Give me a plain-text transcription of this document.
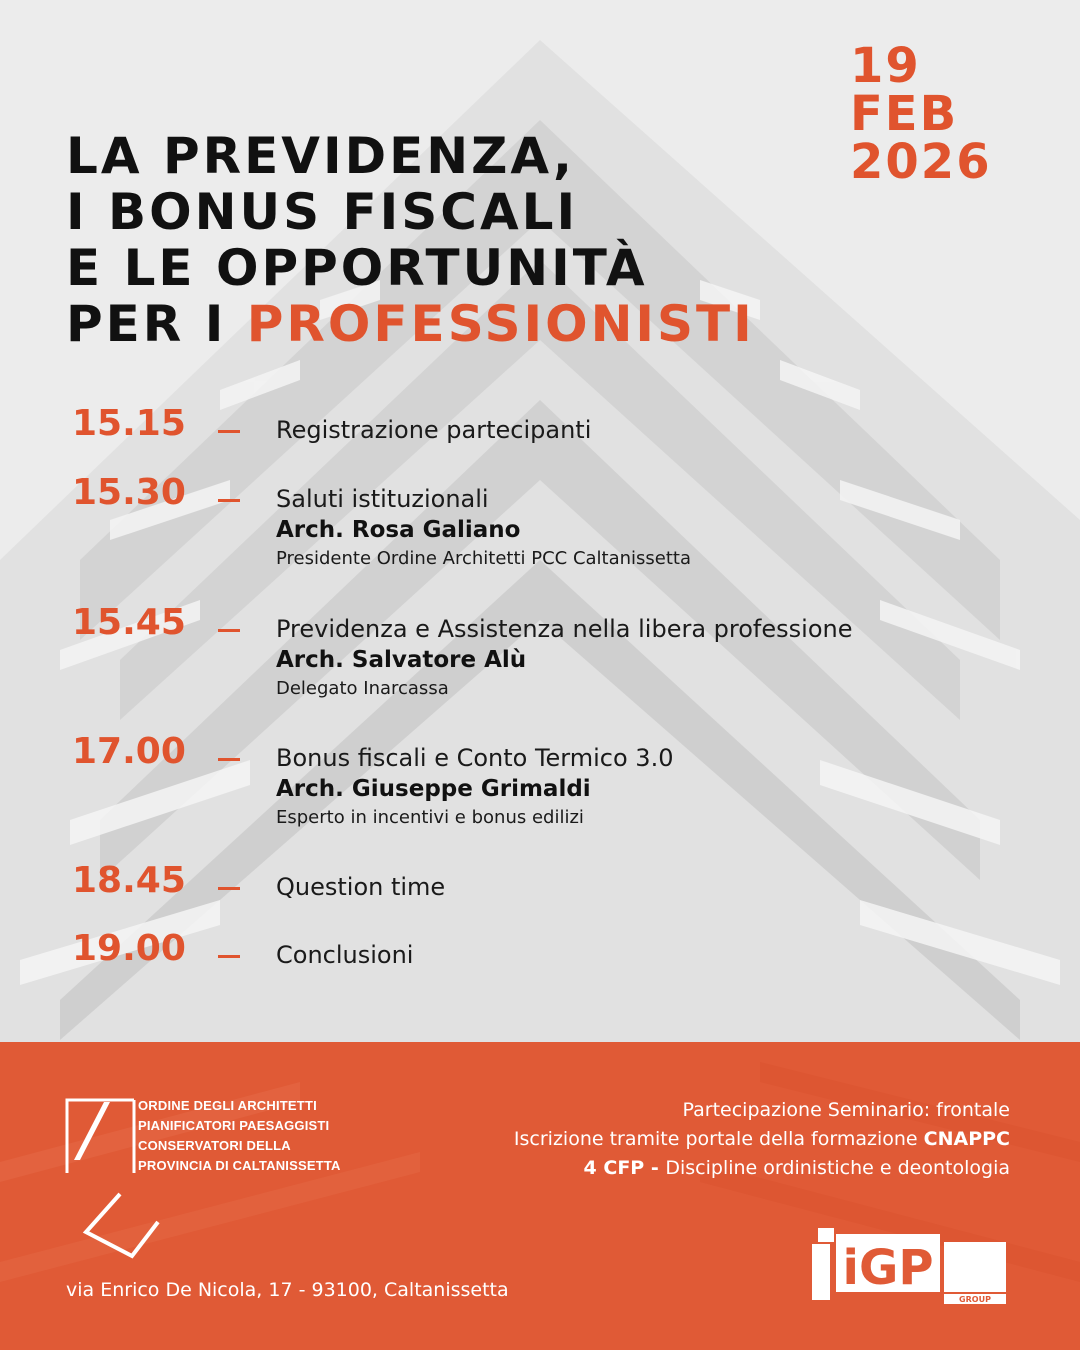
19
FEB
2026
LA PREVIDENZA,
I BONUS FISCALI
E LE OPPORTUNITÀ
PER I PROFESSIONISTI
15.15	Registrazione partecipanti
15.30	Saluti istituzionali
Arch. Rosa Galiano
Presidente Ordine Architetti PCC Caltanissetta
15.45	Previdenza e Assistenza nella libera professione
Arch. Salvatore Alù
Delegato Inarcassa
17.00	Bonus fiscali e Conto Termico 3.0
Arch. Giuseppe Grimaldi
Esperto in incentivi e bonus edilizi
18.45	Question time
19.00	Conclusioni
ORDINE DEGLI ARCHITETTI
PIANIFICATORI PAESAGGISTI
CONSERVATORI DELLA
PROVINCIA DI CALTANISSETTA
Partecipazione Seminario: frontale
Iscrizione tramite portale della formazione CNAPPC
4 CFP - Discipline ordinistiche e deontologia
via Enrico De Nicola, 17 - 93100, Caltanissetta	iGP
GROUP
